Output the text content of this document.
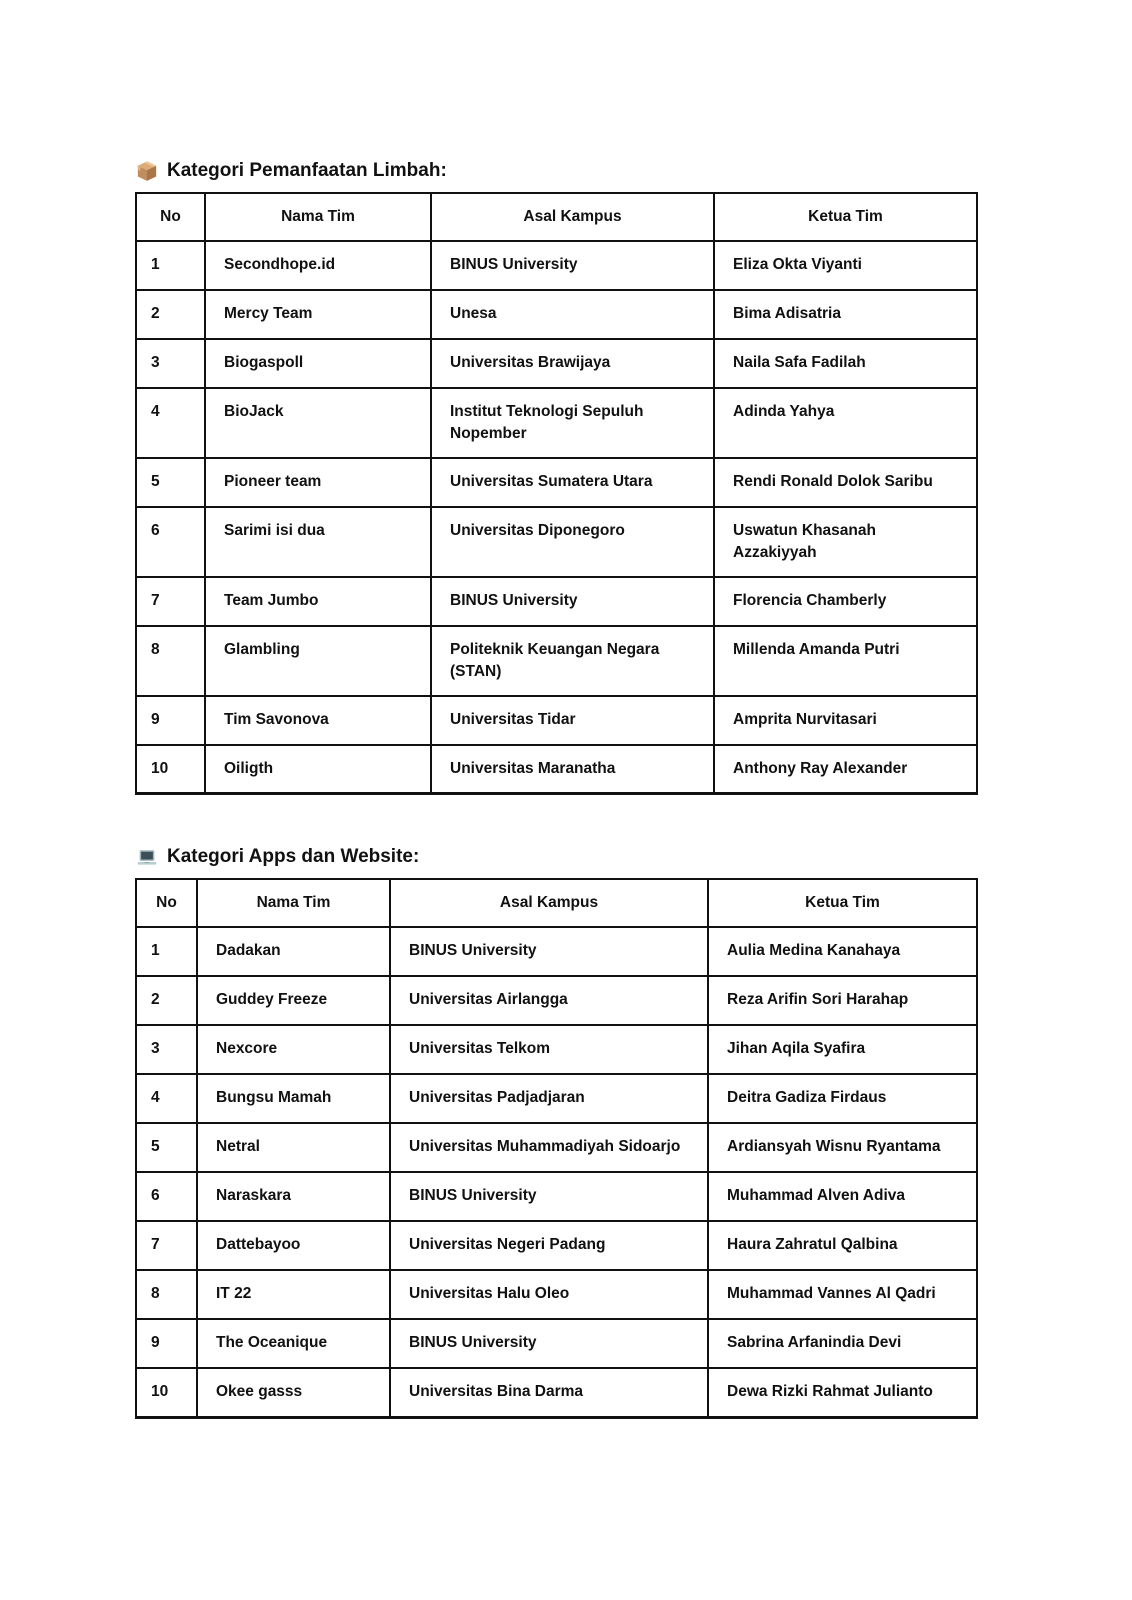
Kategori Pemanfaatan Limbah:
No	Nama Tim	Asal Kampus	Ketua Tim
1	Secondhope.id	BINUS University	Eliza Okta Viyanti
2	Mercy Team	Unesa	Bima Adisatria
3	Biogaspoll	Universitas Brawijaya	Naila Safa Fadilah
4	BioJack	Institut Teknologi Sepuluh Nopember	Adinda Yahya
5	Pioneer team	Universitas Sumatera Utara	Rendi Ronald Dolok Saribu
6	Sarimi isi dua	Universitas Diponegoro	Uswatun Khasanah Azzakiyyah
7	Team Jumbo	BINUS University	Florencia Chamberly
8	Glambling	Politeknik Keuangan Negara (STAN)	Millenda Amanda Putri
9	Tim Savonova	Universitas Tidar	Amprita Nurvitasari
10	Oiligth	Universitas Maranatha	Anthony Ray Alexander
Kategori Apps dan Website:
No	Nama Tim	Asal Kampus	Ketua Tim
1	Dadakan	BINUS University	Aulia Medina Kanahaya
2	Guddey Freeze	Universitas Airlangga	Reza Arifin Sori Harahap
3	Nexcore	Universitas Telkom	Jihan Aqila Syafira
4	Bungsu Mamah	Universitas Padjadjaran	Deitra Gadiza Firdaus
5	Netral	Universitas Muhammadiyah Sidoarjo	Ardiansyah Wisnu Ryantama
6	Naraskara	BINUS University	Muhammad Alven Adiva
7	Dattebayoo	Universitas Negeri Padang	Haura Zahratul Qalbina
8	IT 22	Universitas Halu Oleo	Muhammad Vannes Al Qadri
9	The Oceanique	BINUS University	Sabrina Arfanindia Devi
10	Okee gasss	Universitas Bina Darma	Dewa Rizki Rahmat Julianto
